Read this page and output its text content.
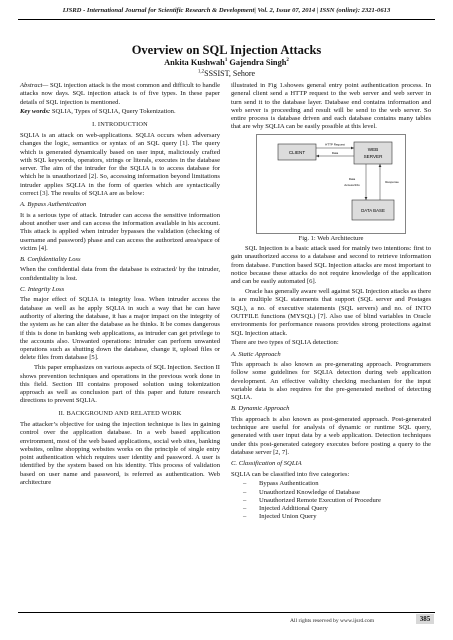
IJSRD - International Journal for Scientific Research & Development| Vol. 2, Issue 07, 2014 | ISSN (online): 2321-0613
Overview on SQL Injection Attacks
Ankita Kushwah$^1$ Gajendra Singh$^2$
$^{1,2}$SSSIST, Sehore

Abstract— SQL injection attack is the most common and difficult to handle attacks now days. SQL injection attack is of five types. In these paper details of SQL injection is mentioned.

Key words: SQLIA, Types of SQLIA, Query Tokenization.

I. INTRODUCTION

SQLIA is an attack on web-applications. SQLIA occurs when adversary changes the logic, semantics or syntax of an SQL query [1]. The query which is generated dynamically based on user input, maliciously crafted with SQL keywords, operators, strings or literals, executes in the database server. The aim of the intruder for the SQLIA is to access database for which he is unauthorized [2]. So, accessing information beyond limitations intruder applies SQLIA in the form of queries which are syntactically correct [3]. The results of SQLIA are as below:

A. Bypass Authentication

It is a serious type of attack. Intruder can access the sensitive information about another user and can access the information available in his account. This attack is applied when intruder bypasses the validation (checking of username and password) phase and can access the authorized area/space of victim [4].

B. Confidentiality Loss

When the confidential data from the database is extracted/ by the intruder, confidentiality is lost.

C. Integrity Loss

The major effect of SQLIA is integrity loss. When intruder access the database as well as he apply SQLIA in such a way that he can have authority of altering the database, it has a major impact on the integrity of the system as he can alter the database as he thinks. It be comes dangerous if this is done in banking web applications, as intruder can get privilege to the accounts also. Unwanted operations: intruder can perform unwanted operations such as shutting down the database, change it, upload files or delete files from database [5].

This paper emphasizes on various aspects of SQL Injection. Section II shows prevention techniques and operations in the previous work done in this field. Section III contains proposed solution using tokenization approach as well as conclusion part of this paper and future research directions to prevent SQLIA.

II. BACKGROUND AND RELATED WORK

The attacker’s objective for using the injection technique is lies in gaining control over the application database. In a web based application environment, most of the web based applications, social web sites, banking websites, online shopping websites works on the principle of single entry point authentication which requires user identity and password. A user is identified by the system based on his identity. This process of validation based on user name and password, is referred as authentication. Web architecture

illustrated in Fig 1.showes general entry point authentication process. In general client send a HTTP request to the web server and web server in turn send it to the database layer. Database end contains information and web server is proceeding and result will be send to the web server. So entire process is database driven and each database contains many tables that are why SQLIA can be easily possible at this level.

CLIENT
WEB
SERVER
HTTP Request
Data
Data
Access/Info
Response
DATA BASE
Fig. 1: Web Architecture

SQL Injection is a basic attack used for mainly two intentions: first to gain unauthorized access to a database and second to retrieve information from database. Function based SQL Injection attacks are most important to notice because these attacks do not require knowledge of the application and can be easily automated [6].

Oracle has generally aware well against SQL Injection attacks as there is are multiple SQL statements that support (SQL server and Postages SQL), a no. of executive statements (SQL servers) and no. of INTO OUTFILE functions (MYSQL) [7]. Also use of blind variables in Oracle environments for performance reasons provides strong protections against SQL Injection attack.

There are two types of SQLIA detection:

A. Static Approach

This approach is also known as pre-generating approach. Programmers follow some guidelines for SQLIA detection during web application development. An effective validity checking mechanism for the input variable data is also requires for the pre-generated method of detecting SQLIA.

B. Dynamic Approach

This approach is also known as post-generated approach. Post-generated technique are useful for analysis of dynamic or runtime SQL query, generated with user input data by a web application. Detection techniques under this post-generated category executes before posting a query to the database server [2, 7].

C. Classification of SQLIA

SQLIA can be classified into five categories:

– Bypass Authentication
– Unauthorized Knowledge of Database
– Unauthorized Remote Execution of Procedure
– Injected Additional Query
– Injected Union Query
All rights reserved by www.ijsrd.com	385
